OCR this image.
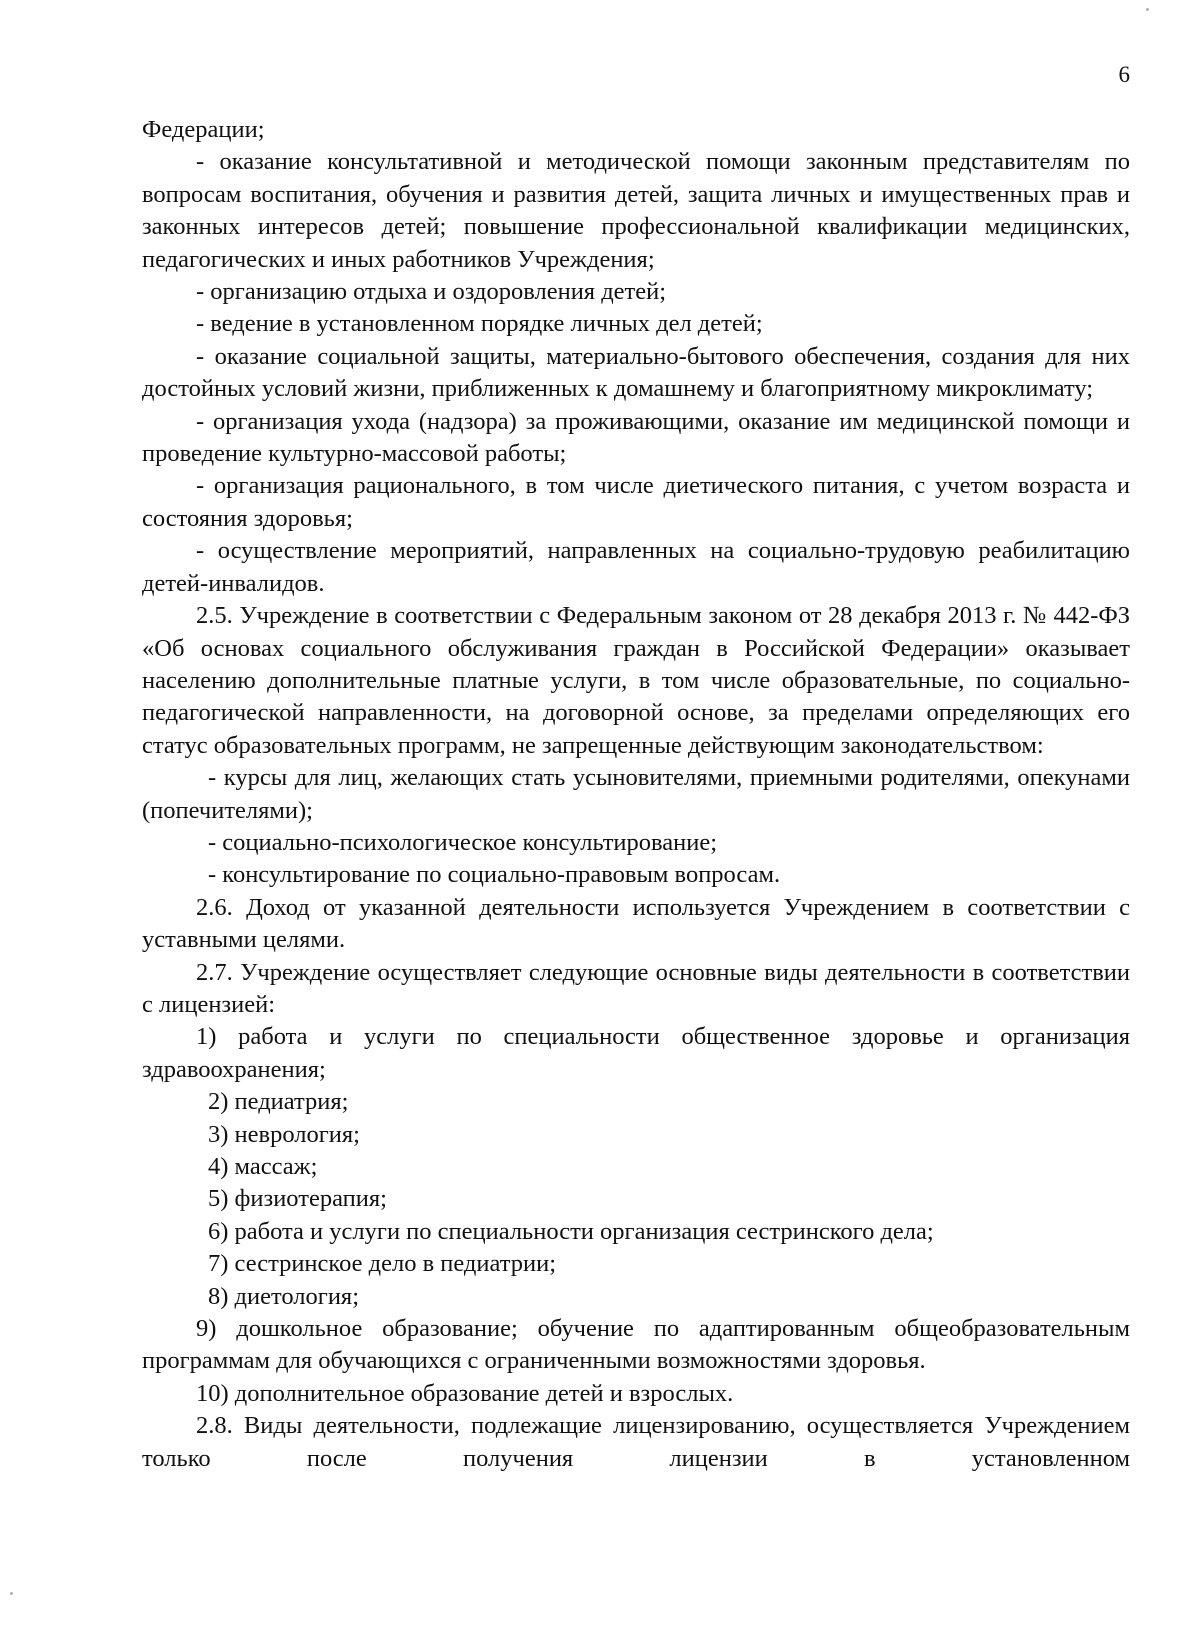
6

Федерации;

- оказание консультативной и методической помощи законным представителям по вопросам воспитания, обучения и развития детей, защита личных и имущественных прав и законных интересов детей; повышение профессиональной квалификации медицинских, педагогических и иных работников Учреждения;

- организацию отдыха и оздоровления детей;

- ведение в установленном порядке личных дел детей;

- оказание социальной защиты, материально-бытового обеспечения, создания для них достойных условий жизни, приближенных к домашнему и благоприятному микроклимату;

- организация ухода (надзора) за проживающими, оказание им медицинской помощи и проведение культурно-массовой работы;

- организация рационального, в том числе диетического питания, с учетом возраста и состояния здоровья;

- осуществление мероприятий, направленных на социально-трудовую реабилитацию детей-инвалидов.

2.5. Учреждение в соответствии с Федеральным законом от 28 декабря 2013 г. № 442-ФЗ «Об основах социального обслуживания граждан в Российской Федерации» оказывает населению дополнительные платные услуги, в том числе образовательные, по социально-педагогической направленности, на договорной основе, за пределами определяющих его статус образовательных программ, не запрещенные действующим законодательством:

- курсы для лиц, желающих стать усыновителями, приемными родителями, опекунами (попечителями);

- социально-психологическое консультирование;

- консультирование по социально-правовым вопросам.

2.6. Доход от указанной деятельности используется Учреждением в соответствии с уставными целями.

2.7. Учреждение осуществляет следующие основные виды деятельности в соответствии с лицензией:

1) работа и услуги по специальности общественное здоровье и организация здравоохранения;

2) педиатрия;

3) неврология;

4) массаж;

5) физиотерапия;

6) работа и услуги по специальности организация сестринского дела;

7) сестринское дело в педиатрии;

8) диетология;

9) дошкольное образование; обучение по адаптированным общеобразовательным программам для обучающихся с ограниченными возможностями здоровья.

10) дополнительное образование детей и взрослых.

2.8. Виды деятельности, подлежащие лицензированию, осуществляется Учреждением только после получения лицензии в установленном
